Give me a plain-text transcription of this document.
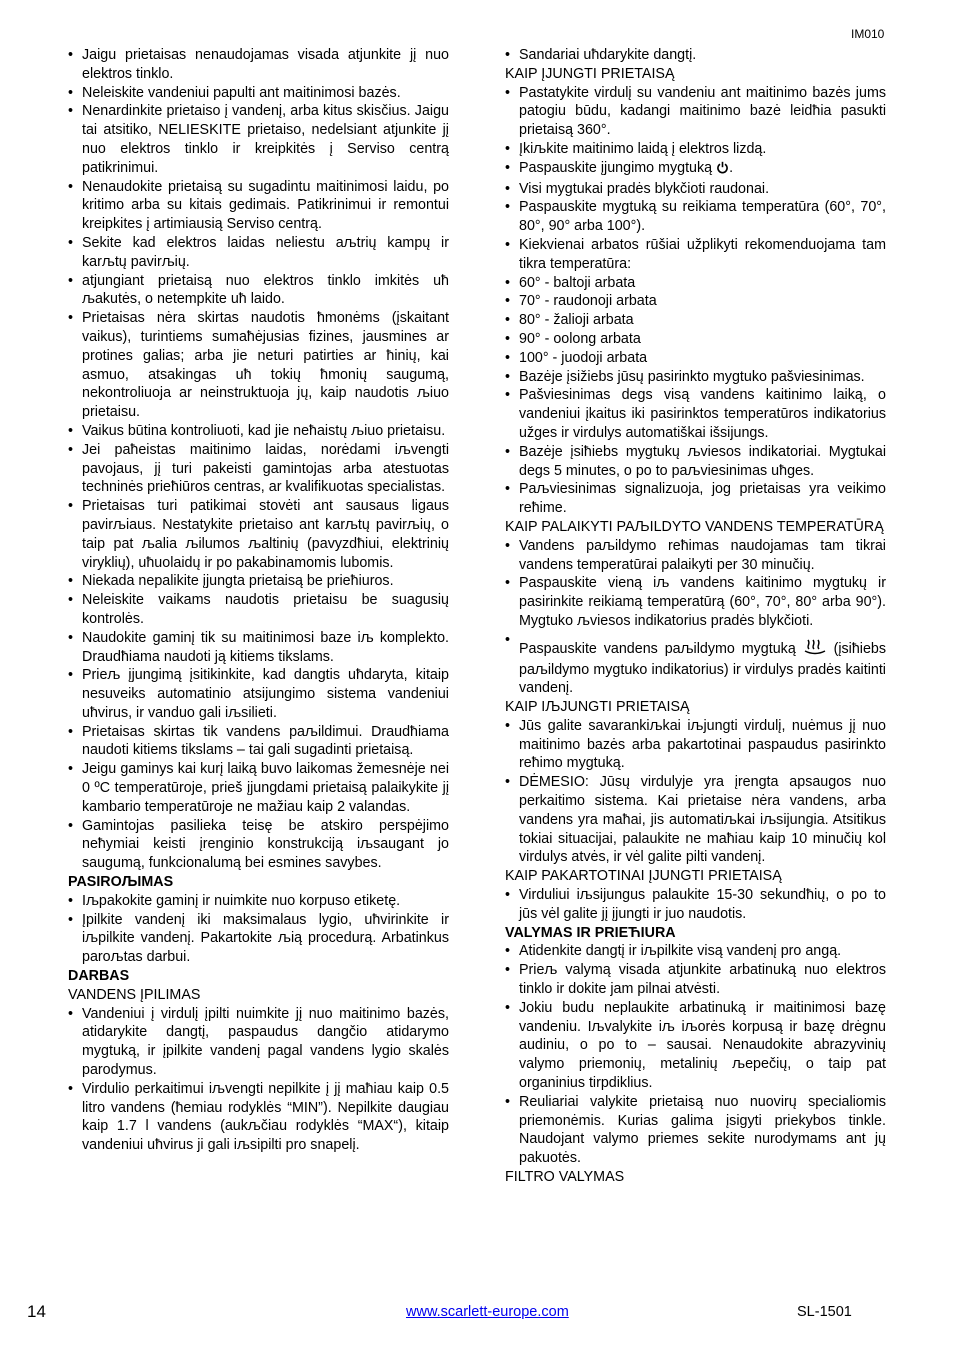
IM010
• Jaigu prietaisas nenaudojamas visada atjunkite jį nuo elektros tinklo.
• Neleiskite vandeniui papulti ant maitinimosi bazės.
• Nenardinkite prietaiso į vandenį, arba kitus skisčius. Jaigu tai atsitiko, NELIESKITE prietaiso, nedelsiant atjunkite jį nuo elektros tinklo ir kreipkitės į Serviso centrą patikrinimui.
• Nenaudokite prietaisą su sugadintu maitinimosi laidu, po kritimo arba su kitais gedimais. Patikrinimui ir remontui kreipkites į artimiausią Serviso centrą.
• Sekite kad elektros laidas neliestu aљtrių kampų ir karљtų pavirљių.
• atjungiant prietaisą nuo elektros tinklo imkitės uћ љakutės, o netempkite uћ laido.
• Prietaisas nėra skirtas naudotis ћmonėms (įskaitant vaikus), turintiems sumaћėjusias fizines, jausmines ar protines galias; arba jie neturi patirties ar ћinių, kai asmuo, atsakingas uћ tokių ћmonių saugumą, nekontroliuoja ar neinstruktuoja jų, kaip naudotis љiuo prietaisu.
• Vaikus būtina kontroliuoti, kad jie neћaistų љiuo prietaisu.
• Jei paћeistas maitinimo laidas, norėdami iљvengti pavojaus, jį turi pakeisti gamintojas arba atestuotas techninės prieћiūros centras, ar kvalifikuotas specialistas.
• Prietaisas turi patikimai stovėti ant sausaus ligaus pavirљiaus. Nestatykite prietaiso ant karљtų pavirљių, o taip pat љalia љilumos љaltinių (pavyzdћiui, elektrinių viryklių), uћuolaidų ir po pakabinamomis lubomis.
• Niekada nepalikite įjungta prietaisą be prieћiuros.
• Neleiskite vaikams naudotis prietaisu be suagusių kontrolės.
• Naudokite gaminį tik su maitinimosi baze iљ komplekto. Draudћiama naudoti ją kitiems tikslams.
• Prieљ įjungimą įsitikinkite, kad dangtis uћdaryta, kitaip nesuveiks automatinio atsijungimo sistema vandeniui uћvirus, ir vanduo gali iљsilieti.
• Prietaisas skirtas tik vandens paљildimui. Draudћiama naudoti kitiems tikslams – tai gali sugadinti prietaisą.
• Jeigu gaminys kai kurį laiką buvo laikomas žemesnėje nei 0 ºC temperatūroje, prieš įjungdami prietaisą palaikykite jį kambario temperatūroje ne mažiau kaip 2 valandas.
• Gamintojas pasilieka teisę be atskiro perspėjimo neћymiai keisti įrenginio konstrukciją iљsaugant jo saugumą, funkcionalumą bei esmines savybes.

PASIROЉIMAS

• Iљpakokite gaminį ir nuimkite nuo korpuso etiketę.
• Įpilkite vandenį iki maksimalaus lygio, uћvirinkite ir iљpilkite vandenį. Pakartokite љią procedurą. Arbatinkus paroљtas darbui.

DARBAS

VANDENS ĮPILIMAS

• Vandeniui į virdulį įpilti nuimkite jį nuo maitinimo bazės, atidarykite dangtį, paspaudus dangčio atidarymo mygtuką, ir įpilkite vandenį pagal vandens lygio skalės parodymus.
• Virdulio perkaitimui iљvengti nepilkite į jį maћiau kaip 0.5 litro vandens (ћemiau rodyklės “MIN”). Nepilkite daugiau kaip 1.7 l vandens (aukљčiau rodyklės “MAX“), kitaip vandeniui uћvirus ji gali iљsipilti pro snapelį.
• Sandariai uћdarykite dangtį.

KAIP ĮJUNGTI PRIETAISĄ

• Pastatykite virdulį su vandeniu ant maitinimo bazės jums patogiu būdu, kadangi maitinimo bazė leidћia pasukti prietaisą 360°.
• Įkiљkite maitinimo laidą į elektros lizdą.
• Paspauskite įjungimo mygtuką .
• Visi mygtukai pradės blykčioti raudonai.
• Paspauskite mygtuką su reikiama temperatūra (60°, 70°, 80°, 90° arba 100°).
• Kiekvienai arbatos rūšiai užplikyti rekomenduojama tam tikra temperatūra:
• 60° - baltoji arbata
• 70° - raudonoji arbata
• 80° - žalioji arbata
• 90° - oolong arbata
• 100° - juodoji arbata
• Bazėje įsižiebs jūsų pasirinkto mygtuko pašviesinimas.
• Pašviesinimas degs visą vandens kaitinimo laiką, o vandeniui įkaitus iki pasirinktos temperatūros indikatorius užges ir virdulys automatiškai išsijungs.
• Bazėje įsiћiebs mygtukų љviesos indikatoriai. Mygtukai degs 5 minutes, o po to paљviesinimas uћges.
• Paљviesinimas signalizuoja, jog prietaisas yra veikimo reћime.

KAIP PALAIKYTI PAЉILDYTO VANDENS TEMPERATŪRĄ

• Vandens paљildymo reћimas naudojamas tam tikrai vandens temperatūrai palaikyti per 30 minučių.
• Paspauskite vieną iљ vandens kaitinimo mygtukų ir pasirinkite reikiamą temperatūrą (60°, 70°, 80° arba 90°). Mygtuko љviesos indikatorius pradės blykčioti.
• Paspauskite vandens paљildymo mygtuką	(įsiћiebs paљildymo mygtuko indikatorius) ir virdulys pradės kaitinti vandenį.

KAIP IЉJUNGTI PRIETAISĄ

• Jūs galite savarankiљkai iљjungti virdulį, nuėmus jį nuo maitinimo bazės arba pakartotinai paspaudus pasirinkto reћimo mygtuką.
• DĖMESIO: Jūsų virdulyje yra įrengta apsaugos nuo perkaitimo sistema. Kai prietaise nėra vandens, arba vandens yra maћai, jis automatiљkai iљsijungia. Atsitikus tokiai situacijai, palaukite ne maћiau kaip 10 minučių kol virdulys atvės, ir vėl galite pilti vandenį.

KAIP PAKARTOTINAI ĮJUNGTI PRIETAISĄ

• Virduliui iљsijungus palaukite 15-30 sekundћių, o po to jūs vėl galite jį įjungti ir juo naudotis.

VALYMAS IR PRIEЋIURA

• Atidenkite dangtį ir iљpilkite visą vandenį pro angą.
• Prieљ valymą visada atjunkite arbatinuką nuo elektros tinklo ir dokite jam pilnai atvėsti.
• Jokiu budu neplaukite arbatinuką ir maitinimosi bazę vandeniu. Iљvalykite iљ iљorės korpusą ir bazę drėgnu audiniu, o po to – sausai. Nenaudokite abrazyvinių valymo priemonių, metalinių љepečių, o taip pat organinius tirpdiklius.
• Reuliariai valykite prietaisą nuo nuovirų specialiomis priemonėmis. Kurias galima įsigyti priekybos tinkle. Naudojant valymo priemes sekite nurodymams ant jų pakuotės.

FILTRO VALYMAS

14	www.scarlett-europe.com	SL-1501
